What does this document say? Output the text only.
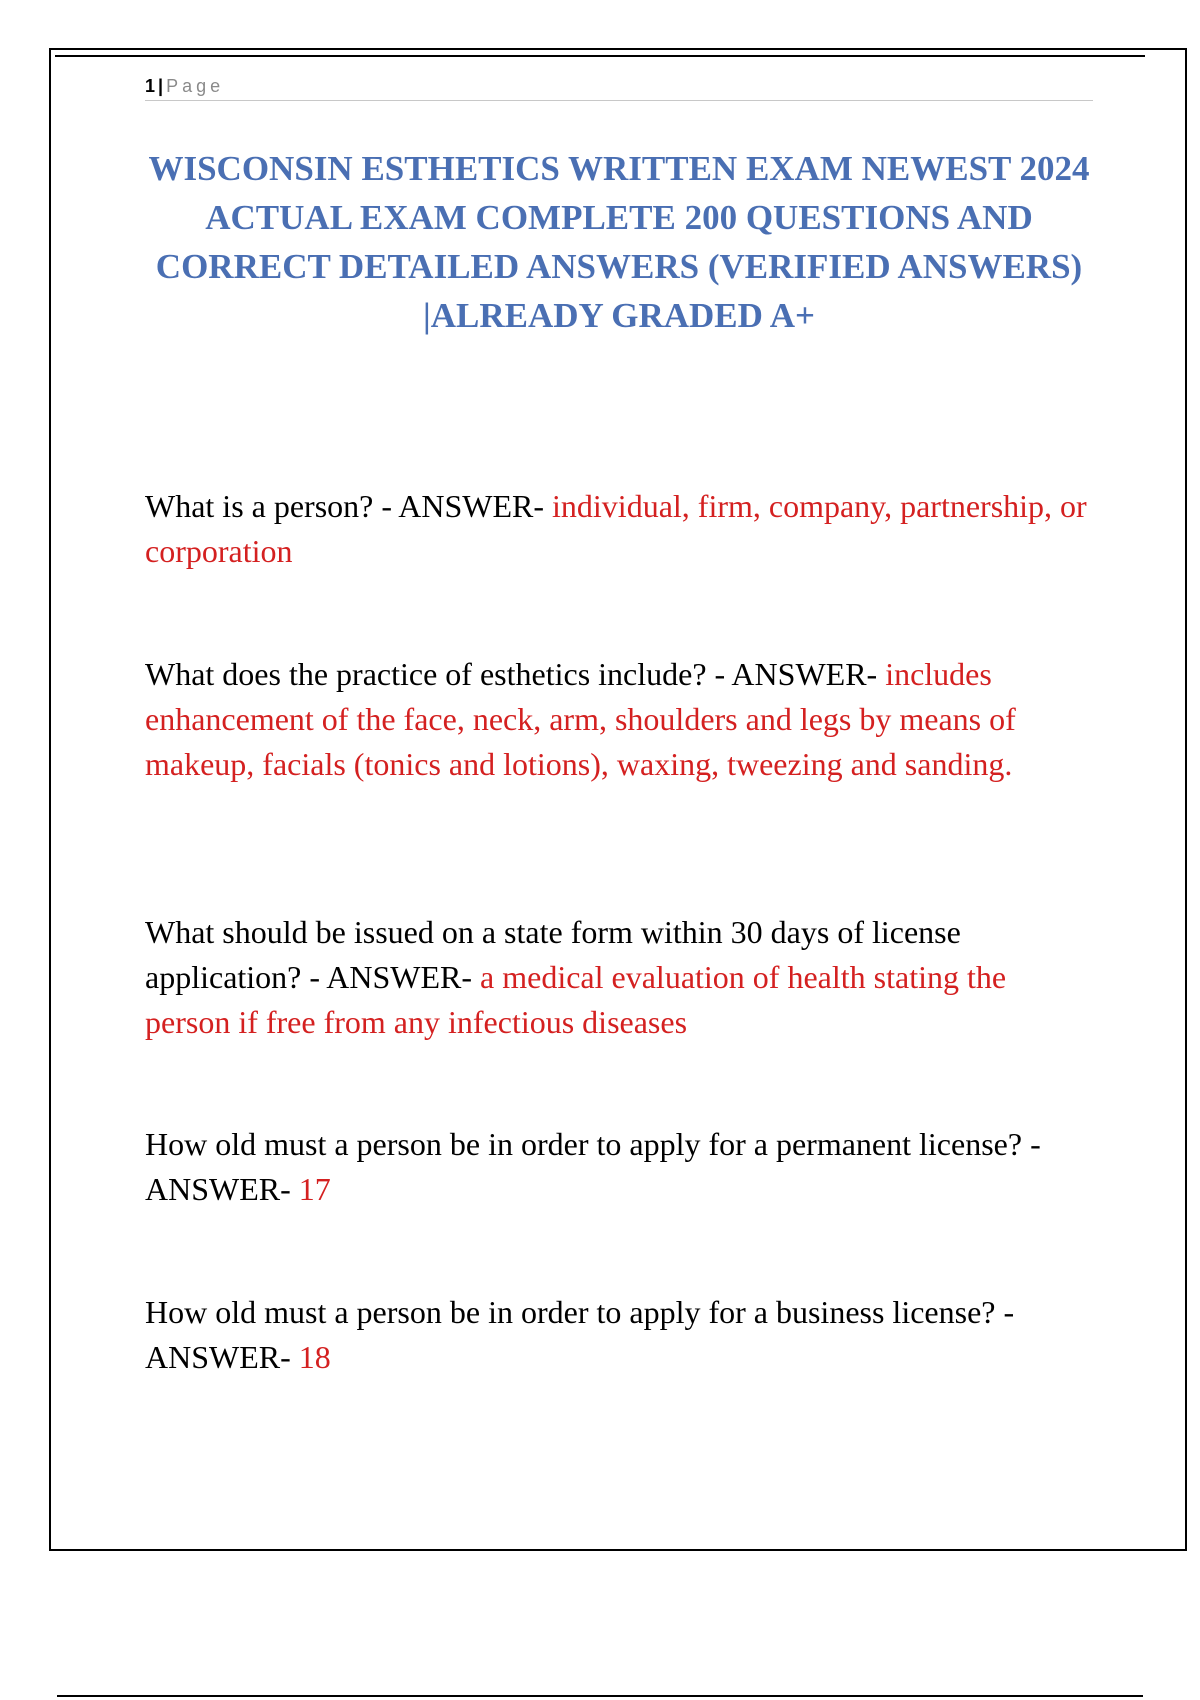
1 | Page
WISCONSIN ESTHETICS WRITTEN EXAM NEWEST 2024 ACTUAL EXAM COMPLETE 200 QUESTIONS AND CORRECT DETAILED ANSWERS (VERIFIED ANSWERS) |ALREADY GRADED A+

What is a person? - ANSWER- individual, firm, company, partnership, or corporation

What does the practice of esthetics include? - ANSWER- includes enhancement of the face, neck, arm, shoulders and legs by means of makeup, facials (tonics and lotions), waxing, tweezing and sanding.

What should be issued on a state form within 30 days of license application? - ANSWER- a medical evaluation of health stating the person if free from any infectious diseases

How old must a person be in order to apply for a permanent license? - ANSWER- 17

How old must a person be in order to apply for a business license? - ANSWER- 18
